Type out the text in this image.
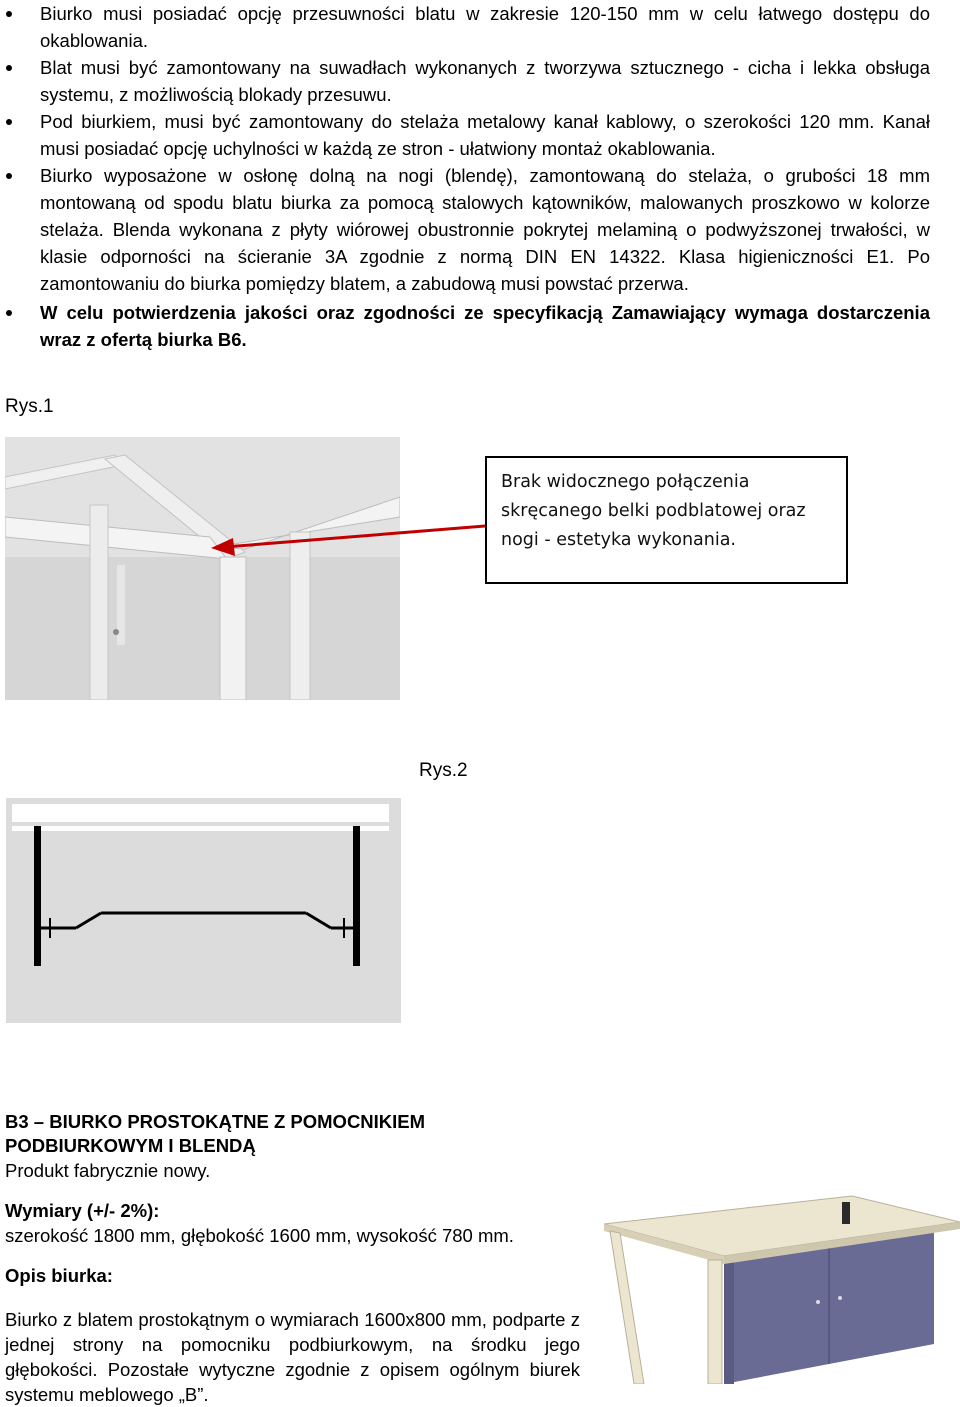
Biurko musi posiadać opcję przesuwności blatu w zakresie 120-150 mm w celu łatwego dostępu do okablowania.
Blat musi być zamontowany na suwadłach wykonanych z tworzywa sztucznego - cicha i lekka obsługa systemu, z możliwością blokady przesuwu.
Pod biurkiem, musi być zamontowany do stelaża metalowy kanał kablowy, o szerokości 120 mm. Kanał musi posiadać opcję uchylności w każdą ze stron - ułatwiony montaż okablowania.
Biurko wyposażone w osłonę dolną na nogi (blendę), zamontowaną do stelaża, o grubości 18 mm montowaną od spodu blatu biurka za pomocą stalowych kątowników, malowanych proszkowo w kolorze stelaża. Blenda wykonana z płyty wiórowej obustronnie pokrytej melaminą o podwyższonej trwałości, w klasie odporności na ścieranie 3A zgodnie z normą DIN EN 14322. Klasa higieniczności E1. Po zamontowaniu do biurka pomiędzy blatem, a zabudową musi powstać przerwa.
W celu potwierdzenia jakości oraz zgodności ze specyfikacją Zamawiający wymaga dostarczenia wraz z ofertą biurka B6.
Rys.1
Brak widocznego połączenia
skręcanego belki podblatowej oraz
nogi - estetyka wykonania.
Rys.2
B3 – BIURKO PROSTOKĄTNE Z POMOCNIKIEM PODBIURKOWYM I BLENDĄ
Produkt fabrycznie nowy.
Wymiary (+/- 2%):
szerokość 1800 mm, głębokość 1600 mm, wysokość 780 mm.
Opis biurka:

Biurko z blatem prostokątnym o wymiarach 1600x800 mm, podparte z jednej strony na pomocniku podbiurkowym, na środku jego głębokości. Pozostałe wytyczne zgodnie z opisem ogólnym biurek systemu meblowego „B”.
